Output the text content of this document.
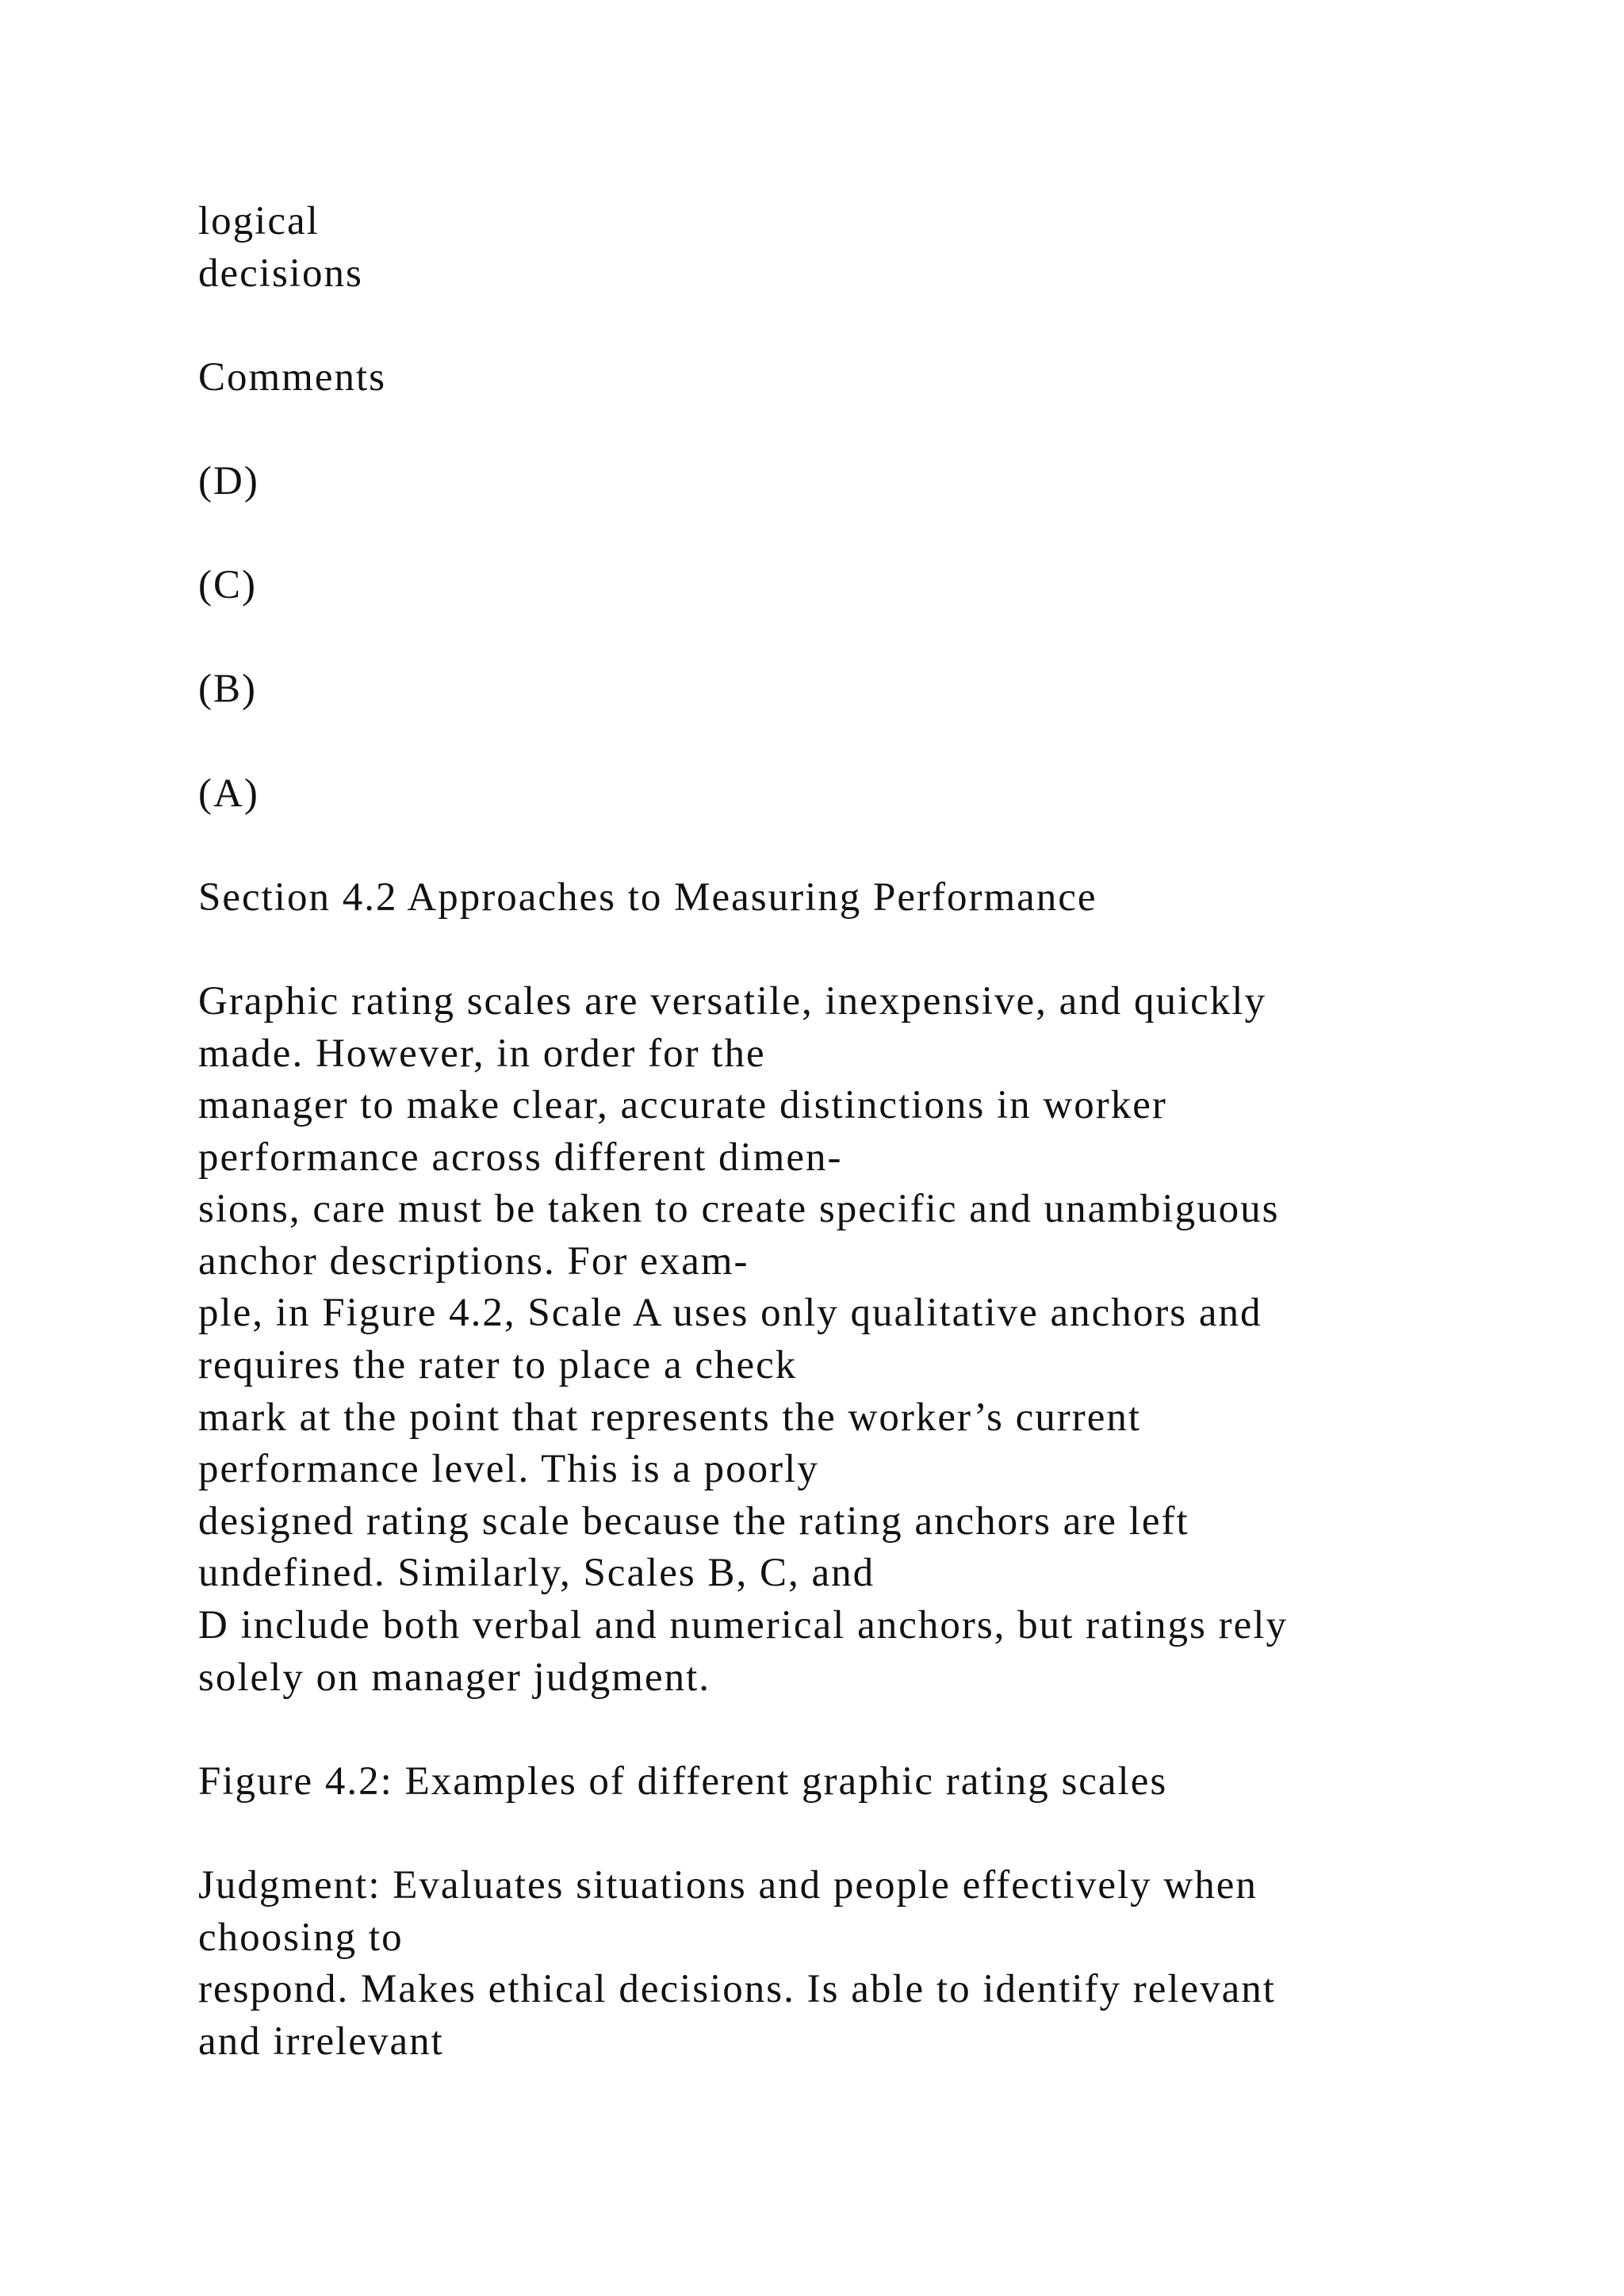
logical
decisions
Comments
(D)
(C)
(B)
(A)
Section 4.2 Approaches to Measuring Performance
Graphic rating scales are versatile, inexpensive, and quickly
made. However, in order for the
manager to make clear, accurate distinctions in worker
performance across different dimen-
sions, care must be taken to create specific and unambiguous
anchor descriptions. For exam-
ple, in Figure 4.2, Scale A uses only qualitative anchors and
requires the rater to place a check
mark at the point that represents the worker’s current
performance level. This is a poorly
designed rating scale because the rating anchors are left
undefined. Similarly, Scales B, C, and
D include both verbal and numerical anchors, but ratings rely
solely on manager judgment.
Figure 4.2: Examples of different graphic rating scales
Judgment: Evaluates situations and people effectively when
choosing to
respond. Makes ethical decisions. Is able to identify relevant
and irrelevant
